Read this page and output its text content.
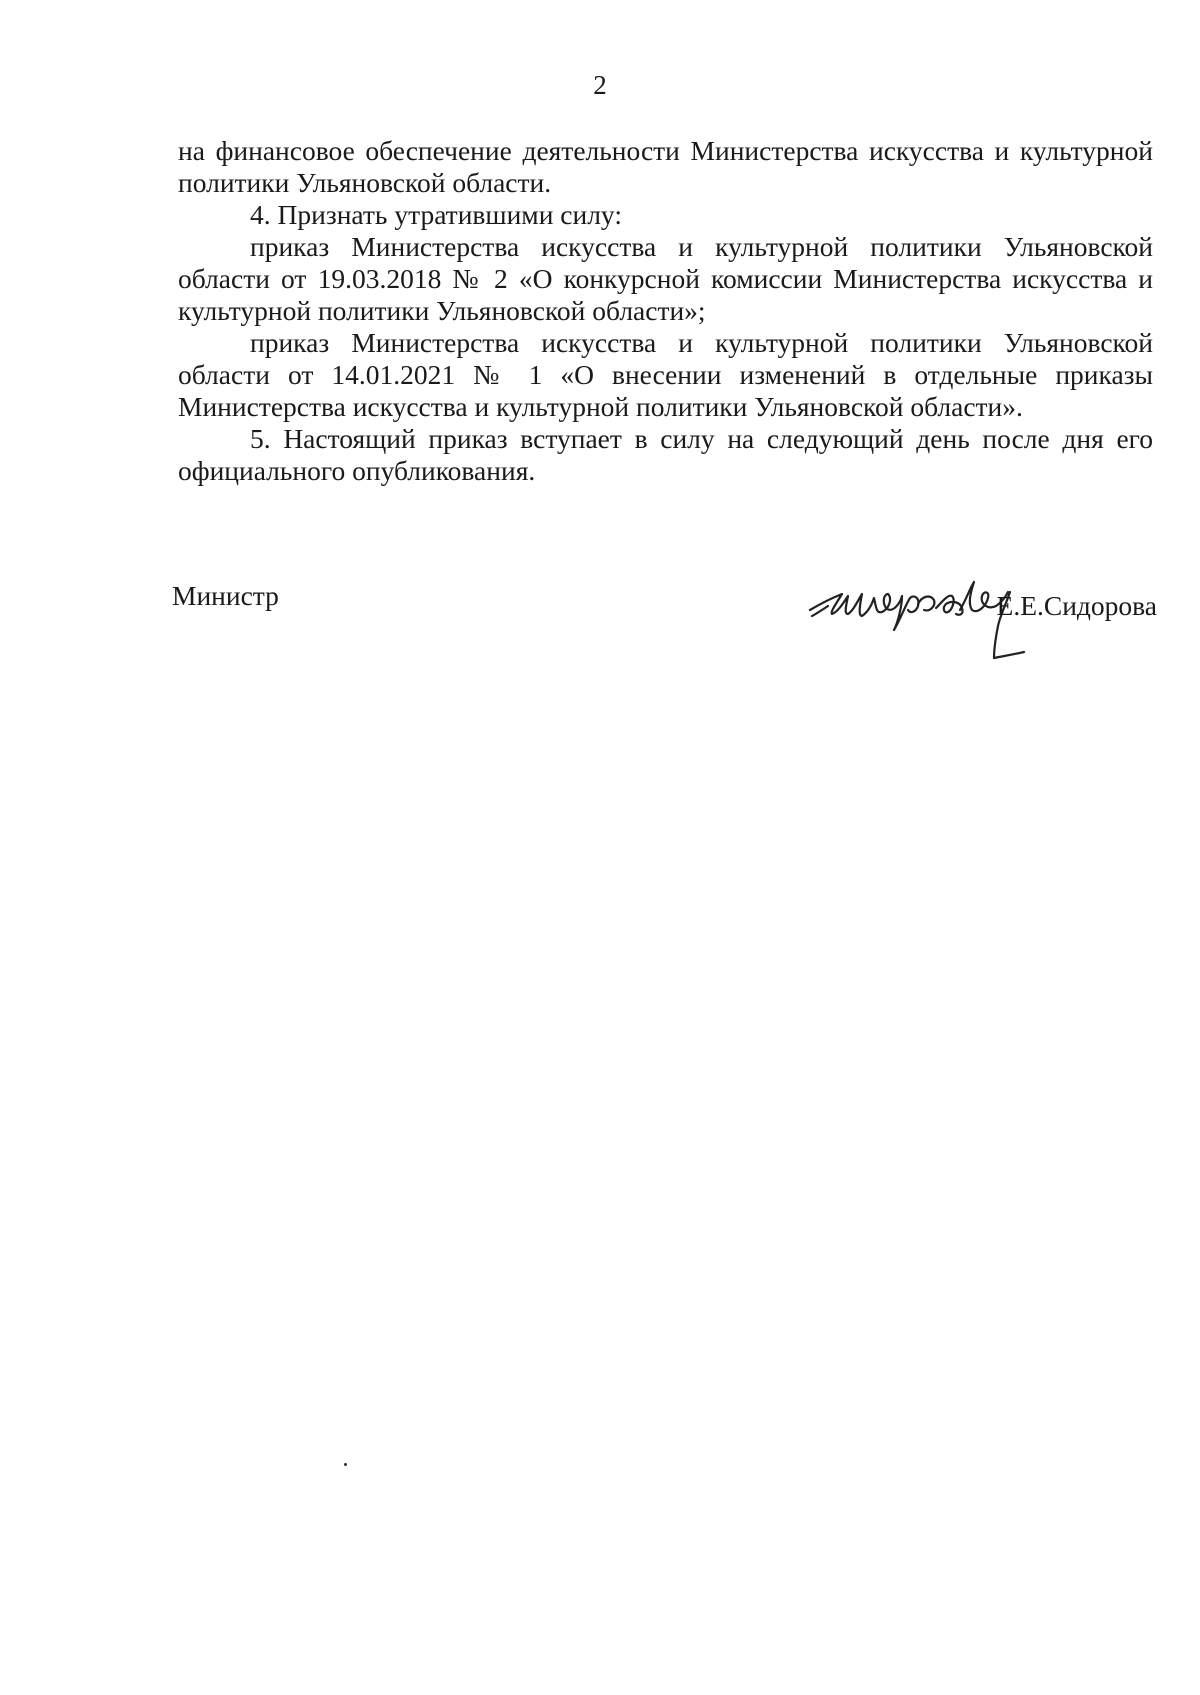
2

на финансовое обеспечение деятельности Министерства искусства и культурной политики Ульяновской области.

4. Признать утратившими силу:

приказ Министерства искусства и культурной политики Ульяновской области от 19.03.2018 № 2 «О конкурсной комиссии Министерства искусства и культурной политики Ульяновской области»;

приказ Министерства искусства и культурной политики Ульяновской области от 14.01.2021 № 1 «О внесении изменений в отдельные приказы Министерства искусства и культурной политики Ульяновской области».

5. Настоящий приказ вступает в силу на следующий день после дня его официального опубликования.

Министр	Е.Е.Сидорова
